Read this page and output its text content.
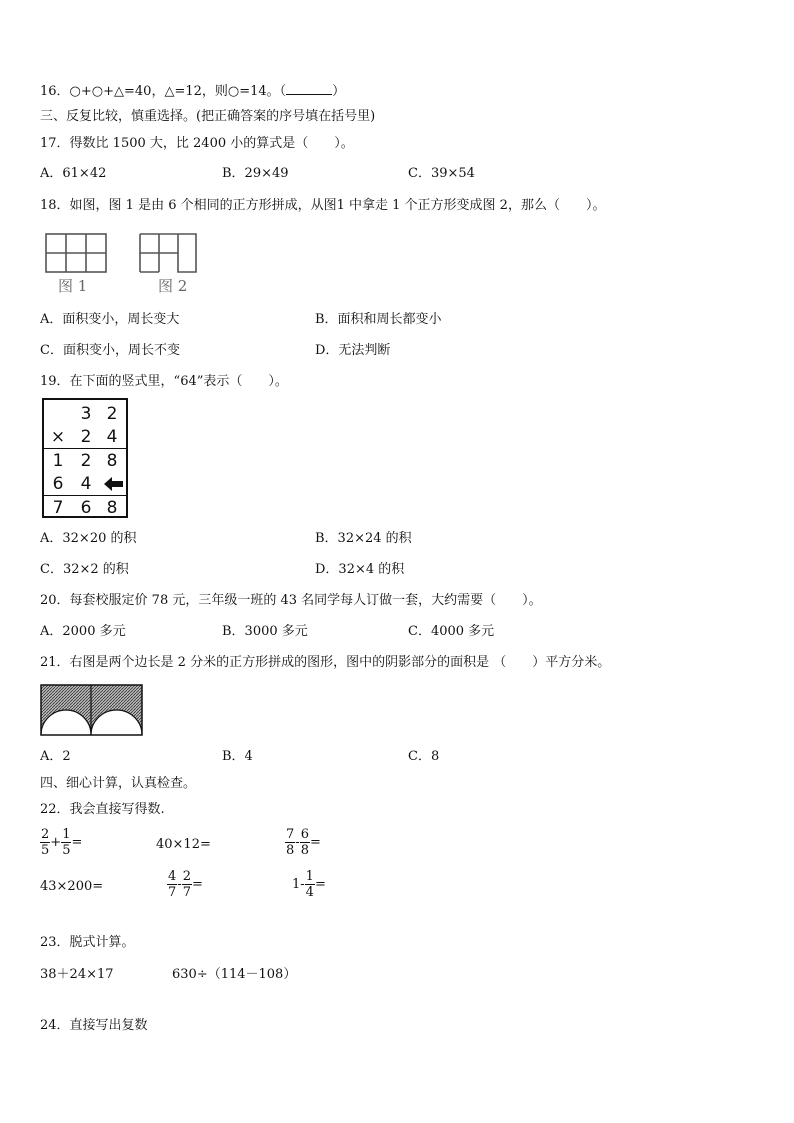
16．○+○+△=40，△=12，则○=14。（	）
三、反复比较，慎重选择。(把正确答案的序号填在括号里)
17．得数比 1500 大，比 2400 小的算式是（　　）。
A．61×42	B．29×49	C．39×54
18．如图，图 1 是由 6 个相同的正方形拼成，从图1 中拿走 1 个正方形变成图 2，那么（　　）。
图 1	图 2
A．面积变小，周长变大	B．面积和周长都变小
C．面积变小，周长不变	D．无法判断
19．在下面的竖式里，“64”表示（　　）。
3 2
× 2 4
1 2 8
6 4
7 6 8
A．32×20 的积	B．32×24 的积
C．32×2 的积	D．32×4 的积
20．每套校服定价 78 元，三年级一班的 43 名同学每人订做一套，大约需要（　　）。
A．2000 多元	B．3000 多元	C．4000 多元
21．右图是两个边长是 2 分米的正方形拼成的图形，图中的阴影部分的面积是 （　　）平方分米。
A．2	B．4	C．8
四、细心计算，认真检查。
22．我会直接写得数.
$\frac{2}{5} + \frac{1}{5}$ =	40×12=	$\frac{7}{8} - \frac{6}{8}$ =
43×200=	$\frac{4}{7} - \frac{2}{7}$ =	$1- \frac{1}{4}$ =
23．脱式计算。
38＋24×17	630÷（114－108）
24．直接写出复数
